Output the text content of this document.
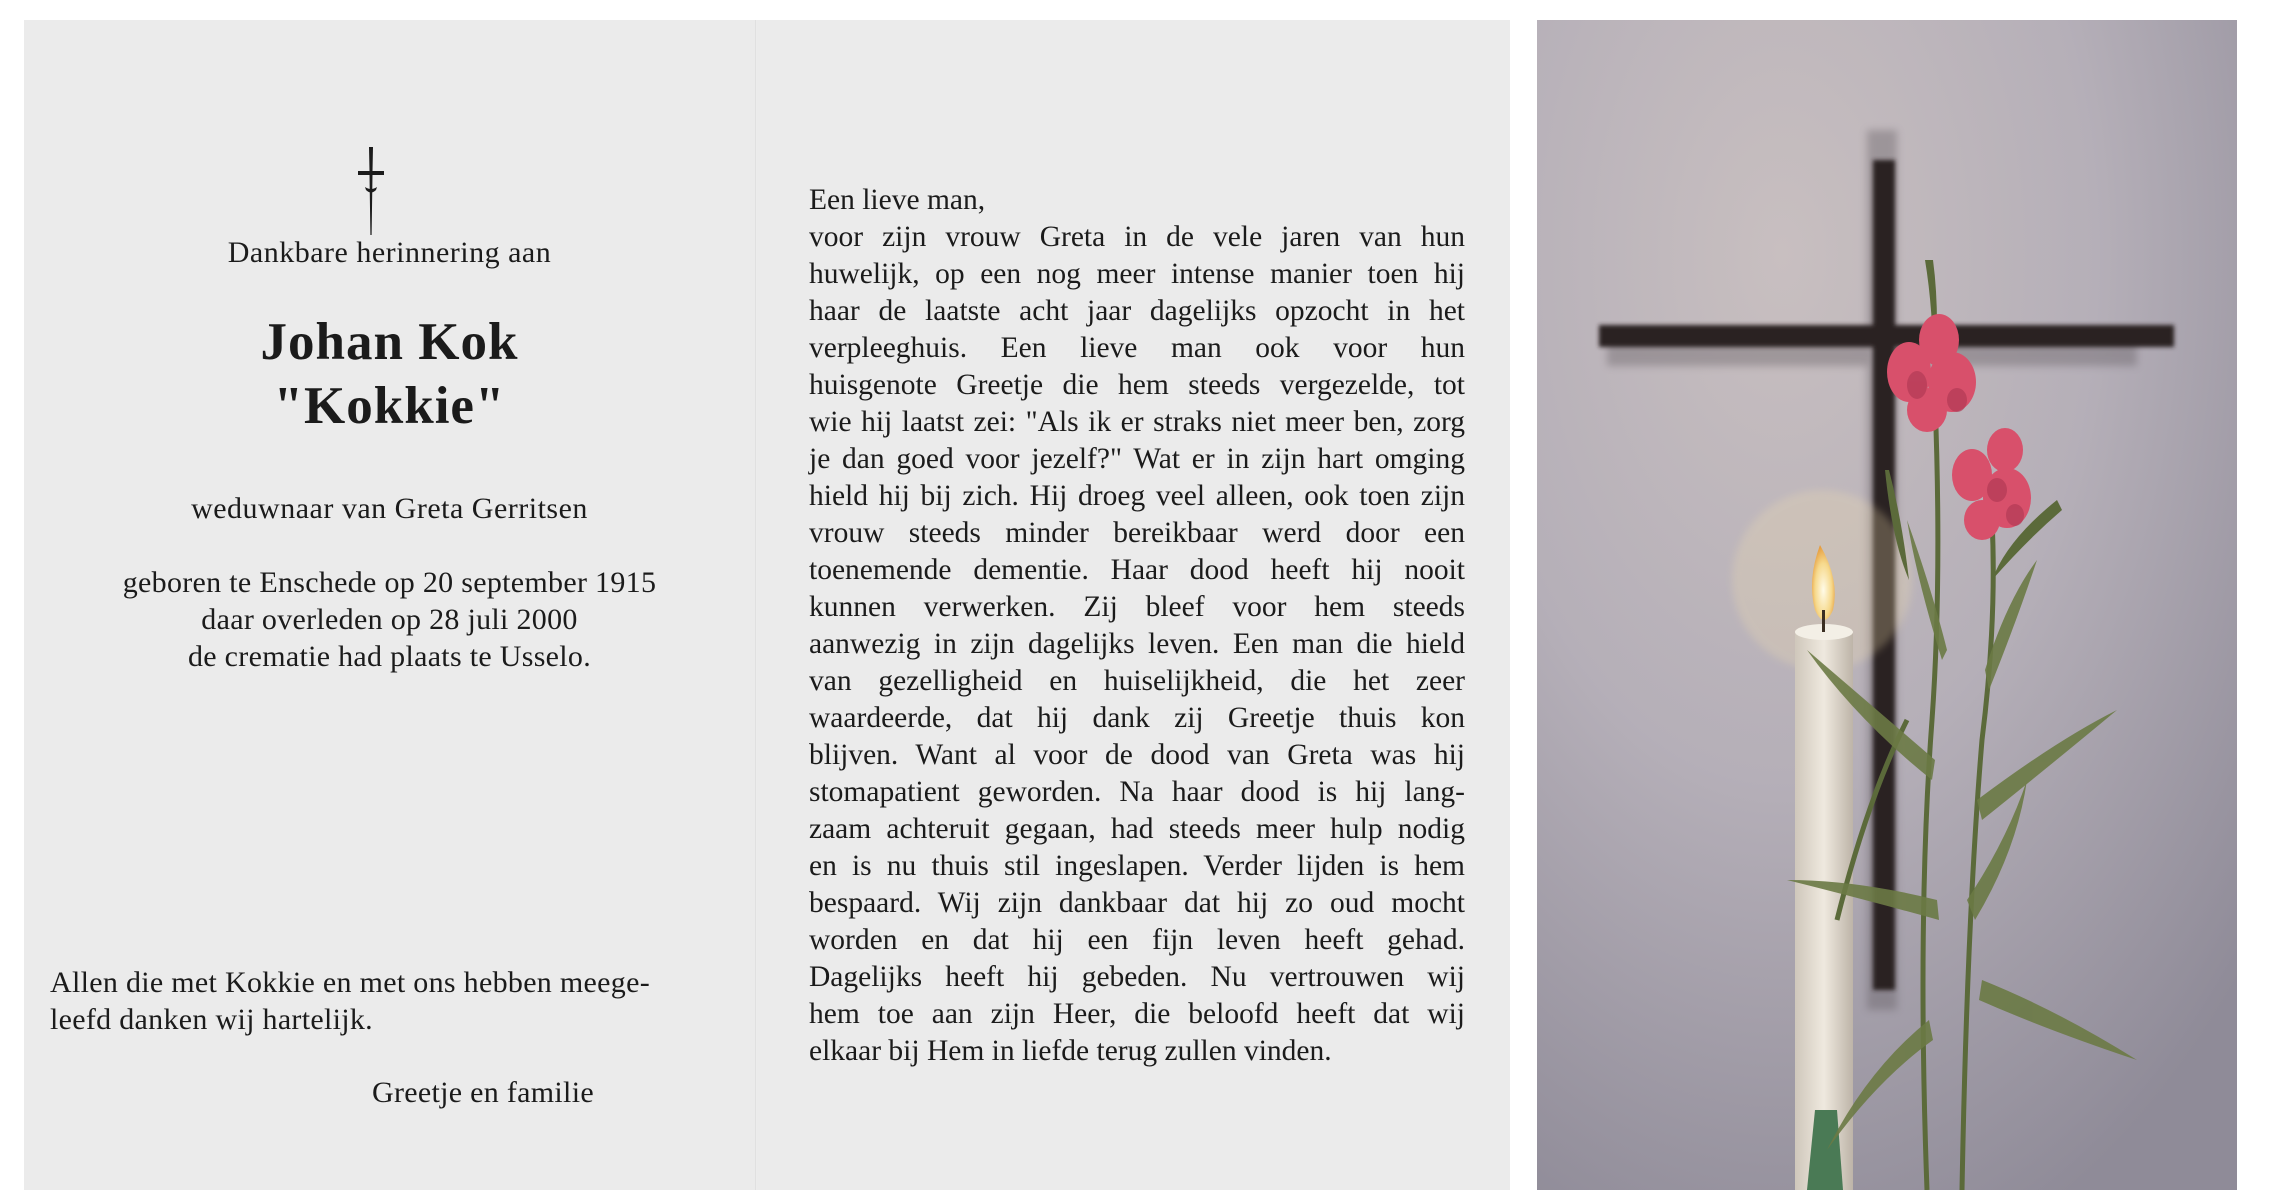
Dankbare herinnering aan
Johan Kok
"Kokkie"
weduwnaar van Greta Gerritsen
geboren te Enschede op 20 september 1915
daar overleden op 28 juli 2000
de crematie had plaats te Usselo.
Allen die met Kokkie en met ons hebben meege-
leefd danken wij hartelijk.
Greetje en familie
Een lieve man,
voor zijn vrouw Greta in de vele jaren van hun
huwelijk, op een nog meer intense manier toen hij
haar de laatste acht jaar dagelijks opzocht in het
verpleeghuis. Een lieve man ook voor hun
huisgenote Greetje die hem steeds vergezelde, tot
wie hij laatst zei: "Als ik er straks niet meer ben, zorg
je dan goed voor jezelf?" Wat er in zijn hart omging
hield hij bij zich. Hij droeg veel alleen, ook toen zijn
vrouw steeds minder bereikbaar werd door een
toenemende dementie. Haar dood heeft hij nooit
kunnen verwerken. Zij bleef voor hem steeds
aanwezig in zijn dagelijks leven. Een man die hield
van gezelligheid en huiselijkheid, die het zeer
waardeerde, dat hij dank zij Greetje thuis kon
blijven. Want al voor de dood van Greta was hij
stomapatient geworden. Na haar dood is hij lang-
zaam achteruit gegaan, had steeds meer hulp nodig
en is nu thuis stil ingeslapen. Verder lijden is hem
bespaard. Wij zijn dankbaar dat hij zo oud mocht
worden en dat hij een fijn leven heeft gehad.
Dagelijks heeft hij gebeden. Nu vertrouwen wij
hem toe aan zijn Heer, die beloofd heeft dat wij
elkaar bij Hem in liefde terug zullen vinden.
